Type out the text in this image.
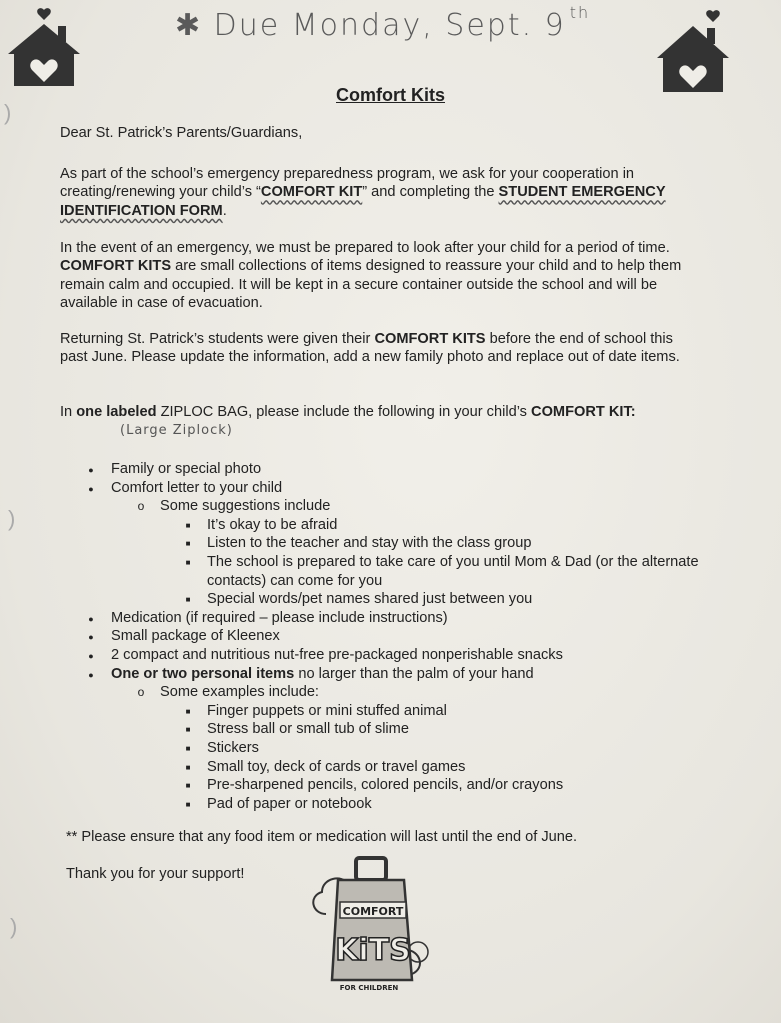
✱ Due Monday, Sept. 9 $^{th}$
)
)
)
Comfort Kits
Dear St. Patrick’s Parents/Guardians,
As part of the school’s emergency preparedness program, we ask for your cooperation in creating/renewing your child’s “COMFORT KIT” and completing the STUDENT EMERGENCY IDENTIFICATION FORM.
In the event of an emergency, we must be prepared to look after your child for a period of time. COMFORT KITS are small collections of items designed to reassure your child and to help them remain calm and occupied. It will be kept in a secure container outside the school and will be available in case of evacuation.
Returning St. Patrick’s students were given their COMFORT KITS before the end of school this past June. Please update the information, add a new family photo and replace out of date items.
In one labeled ZIPLOC BAG, please include the following in your child’s COMFORT KIT:(Large Ziplock)
● Family or special photo
● Comfort letter to your child
o Some suggestions include
■	It’s okay to be afraid
■	Listen to the teacher and stay with the class group
■	The school is prepared to take care of you until Mom & Dad (or the alternate contacts) can come for you
■	Special words/pet names shared just between you
● Medication (if required – please include instructions)
● Small package of Kleenex
● 2 compact and nutritious nut-free pre-packaged nonperishable snacks
● One or two personal items no larger than the palm of your hand
o Some examples include:
■	Finger puppets or mini stuffed animal
■	Stress ball or small tub of slime
■	Stickers
■	Small toy, deck of cards or travel games
■	Pre-sharpened pencils, colored pencils, and/or crayons
■	Pad of paper or notebook
** Please ensure that any food item or medication will last until the end of June.
Thank you for your support!
COMFORT
KiTS
FOR CHILDREN
